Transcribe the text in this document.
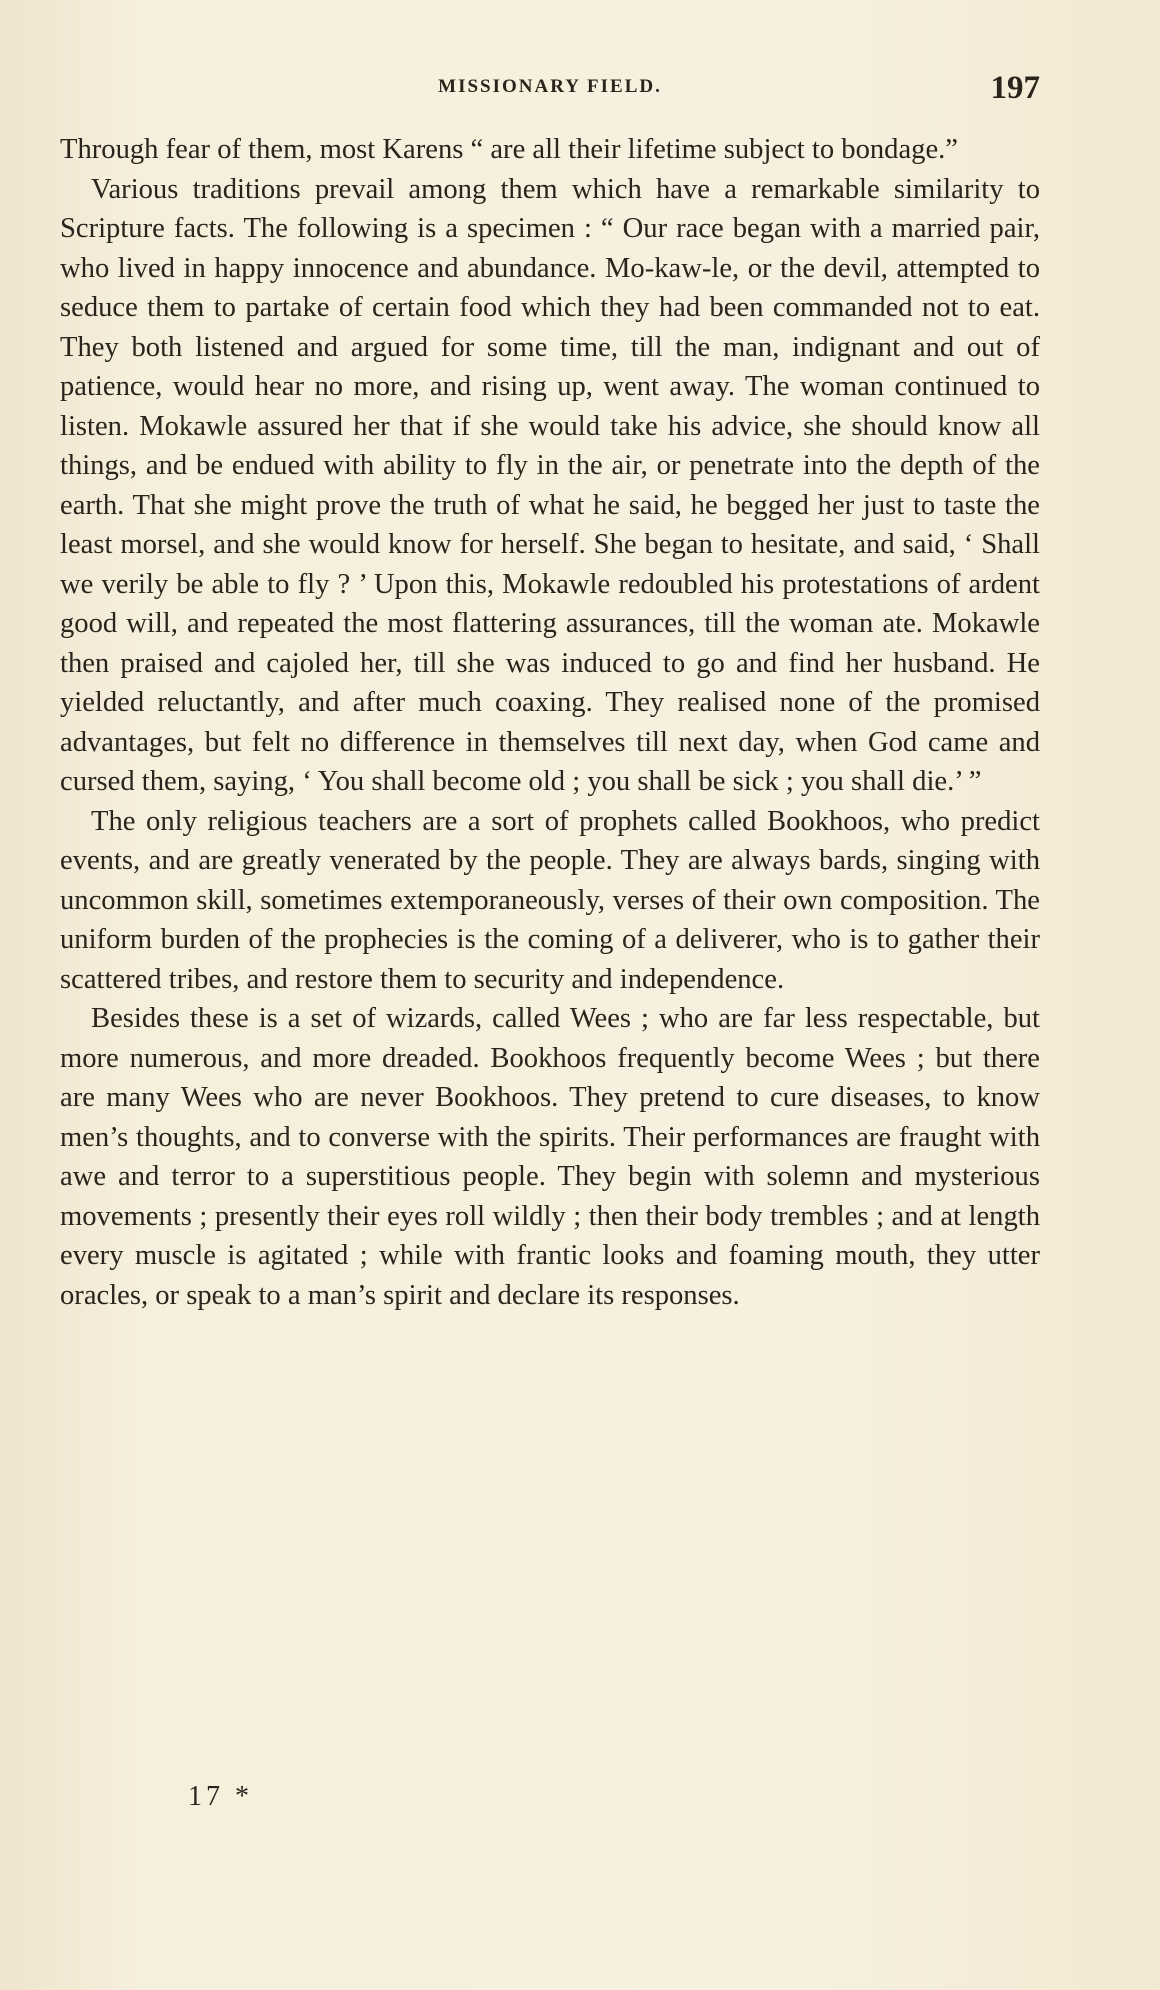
MISSIONARY FIELD.	197

Through fear of them, most Karens “ are all their lifetime subject to bondage.”

Various traditions prevail among them which have a remarkable similarity to Scripture facts. The following is a specimen : “ Our race began with a married pair, who lived in happy innocence and abundance. Mo-kaw-le, or the devil, attempted to seduce them to partake of certain food which they had been commanded not to eat. They both listened and argued for some time, till the man, indignant and out of patience, would hear no more, and rising up, went away. The woman continued to listen. Mokawle assured her that if she would take his advice, she should know all things, and be endued with ability to fly in the air, or penetrate into the depth of the earth. That she might prove the truth of what he said, he begged her just to taste the least morsel, and she would know for herself. She began to hesitate, and said, ‘ Shall we verily be able to fly ? ’ Upon this, Mokawle redoubled his protestations of ardent good will, and repeated the most flattering assurances, till the woman ate. Mokawle then praised and cajoled her, till she was induced to go and find her husband. He yielded reluctantly, and after much coaxing. They realised none of the promised advantages, but felt no difference in themselves till next day, when God came and cursed them, saying, ‘ You shall become old ; you shall be sick ; you shall die.’ ”

The only religious teachers are a sort of prophets called Bookhoos, who predict events, and are greatly venerated by the people. They are always bards, singing with uncommon skill, sometimes extemporaneously, verses of their own composition. The uniform burden of the prophecies is the coming of a deliverer, who is to gather their scattered tribes, and restore them to security and independence.

Besides these is a set of wizards, called Wees ; who are far less respectable, but more numerous, and more dreaded. Bookhoos frequently become Wees ; but there are many Wees who are never Bookhoos. They pretend to cure diseases, to know men’s thoughts, and to converse with the spirits. Their performances are fraught with awe and terror to a superstitious people. They begin with solemn and mysterious movements ; presently their eyes roll wildly ; then their body trembles ; and at length every muscle is agitated ; while with frantic looks and foaming mouth, they utter oracles, or speak to a man’s spirit and declare its responses.

17 *
